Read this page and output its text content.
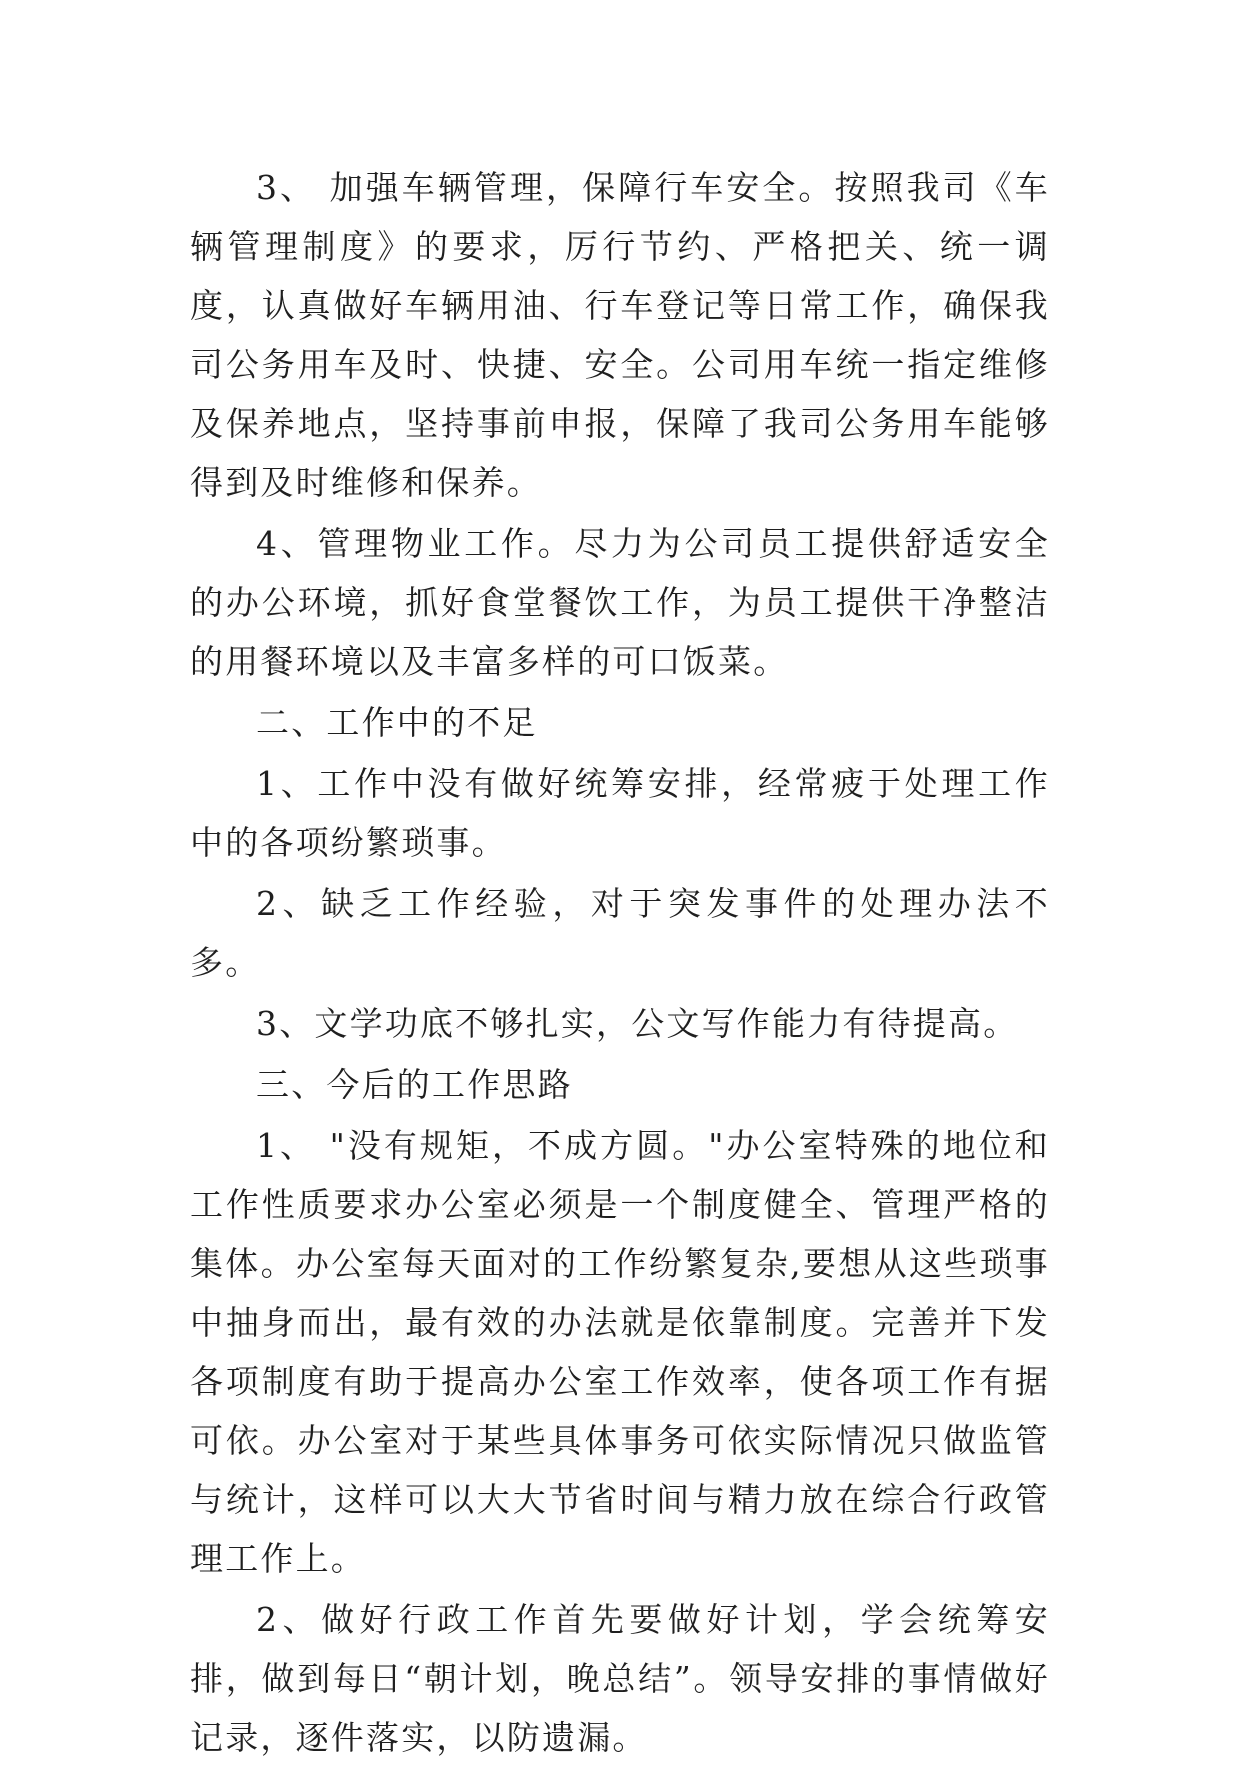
3、 加强车辆管理，保障行车安全。按照我司《车辆管理制度》的要求，厉行节约、严格把关、统一调度，认真做好车辆用油、行车登记等日常工作，确保我司公务用车及时、快捷、安全。公司用车统一指定维修及保养地点，坚持事前申报，保障了我司公务用车能够得到及时维修和保养。

4、管理物业工作。尽力为公司员工提供舒适安全的办公环境，抓好食堂餐饮工作，为员工提供干净整洁的用餐环境以及丰富多样的可口饭菜。

二、工作中的不足

1、工作中没有做好统筹安排，经常疲于处理工作中的各项纷繁琐事。

2、缺乏工作经验，对于突发事件的处理办法不多。

3、文学功底不够扎实，公文写作能力有待提高。

三、今后的工作思路

1、 "没有规矩，不成方圆。"办公室特殊的地位和工作性质要求办公室必须是一个制度健全、管理严格的集体。办公室每天面对的工作纷繁复杂,要想从这些琐事中抽身而出，最有效的办法就是依靠制度。完善并下发各项制度有助于提高办公室工作效率，使各项工作有据可依。办公室对于某些具体事务可依实际情况只做监管与统计，这样可以大大节省时间与精力放在综合行政管理工作上。

2、做好行政工作首先要做好计划，学会统筹安排，做到每日“朝计划，晚总结”。领导安排的事情做好记录，逐件落实，以防遗漏。
